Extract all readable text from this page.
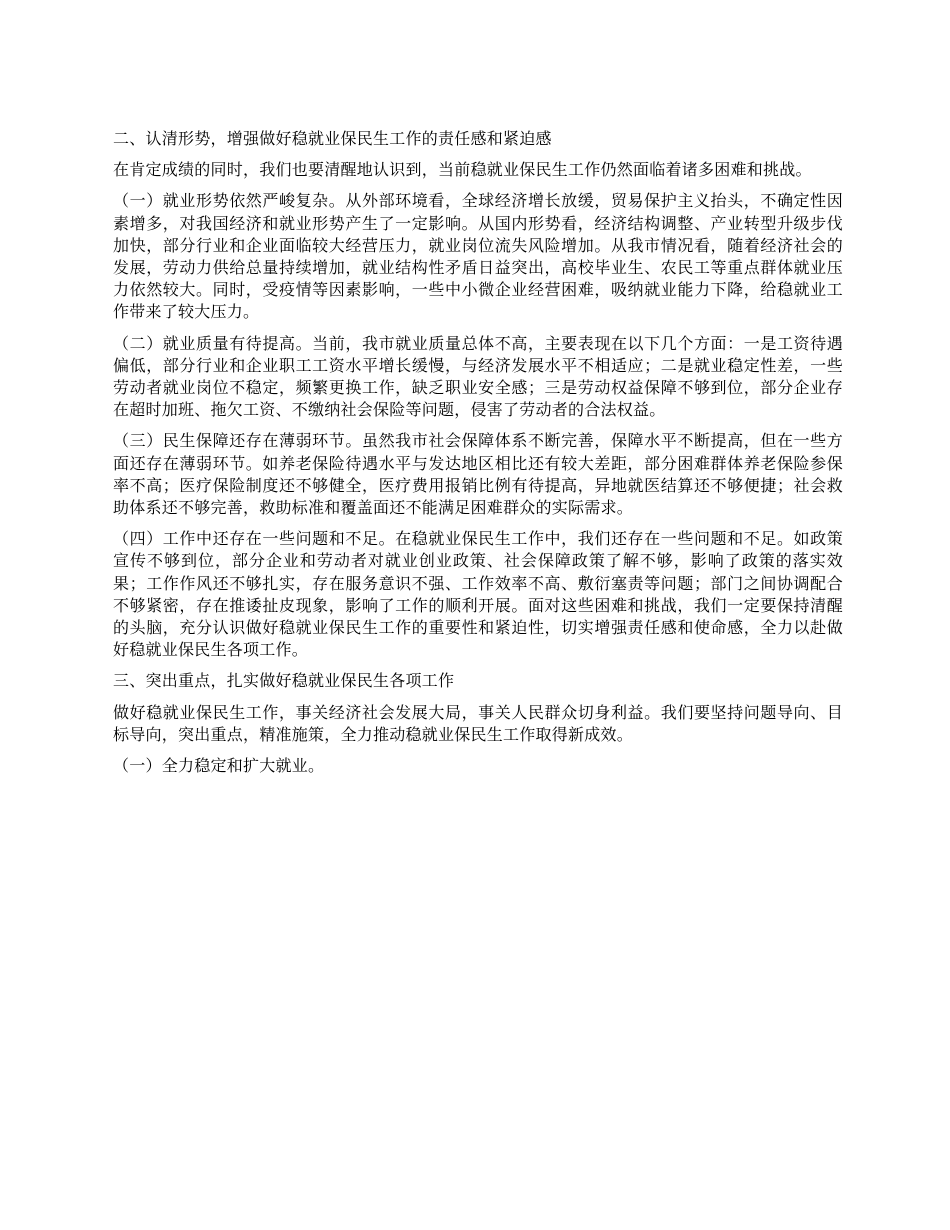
二、认清形势，增强做好稳就业保民生工作的责任感和紧迫感

在肯定成绩的同时，我们也要清醒地认识到，当前稳就业保民生工作仍然面临着诸多困难和挑战。

（一）就业形势依然严峻复杂。从外部环境看，全球经济增长放缓，贸易保护主义抬头，不确定性因素增多，对我国经济和就业形势产生了一定影响。从国内形势看，经济结构调整、产业转型升级步伐加快，部分行业和企业面临较大经营压力，就业岗位流失风险增加。从我市情况看，随着经济社会的发展，劳动力供给总量持续增加，就业结构性矛盾日益突出，高校毕业生、农民工等重点群体就业压力依然较大。同时，受疫情等因素影响，一些中小微企业经营困难，吸纳就业能力下降，给稳就业工作带来了较大压力。

（二）就业质量有待提高。当前，我市就业质量总体不高，主要表现在以下几个方面：一是工资待遇偏低，部分行业和企业职工工资水平增长缓慢，与经济发展水平不相适应；二是就业稳定性差，一些劳动者就业岗位不稳定，频繁更换工作，缺乏职业安全感；三是劳动权益保障不够到位，部分企业存在超时加班、拖欠工资、不缴纳社会保险等问题，侵害了劳动者的合法权益。

（三）民生保障还存在薄弱环节。虽然我市社会保障体系不断完善，保障水平不断提高，但在一些方面还存在薄弱环节。如养老保险待遇水平与发达地区相比还有较大差距，部分困难群体养老保险参保率不高；医疗保险制度还不够健全，医疗费用报销比例有待提高，异地就医结算还不够便捷；社会救助体系还不够完善，救助标准和覆盖面还不能满足困难群众的实际需求。

（四）工作中还存在一些问题和不足。在稳就业保民生工作中，我们还存在一些问题和不足。如政策宣传不够到位，部分企业和劳动者对就业创业政策、社会保障政策了解不够，影响了政策的落实效果；工作作风还不够扎实，存在服务意识不强、工作效率不高、敷衍塞责等问题；部门之间协调配合不够紧密，存在推诿扯皮现象，影响了工作的顺利开展。面对这些困难和挑战，我们一定要保持清醒的头脑，充分认识做好稳就业保民生工作的重要性和紧迫性，切实增强责任感和使命感，全力以赴做好稳就业保民生各项工作。

三、突出重点，扎实做好稳就业保民生各项工作

做好稳就业保民生工作，事关经济社会发展大局，事关人民群众切身利益。我们要坚持问题导向、目标导向，突出重点，精准施策，全力推动稳就业保民生工作取得新成效。

（一）全力稳定和扩大就业。
